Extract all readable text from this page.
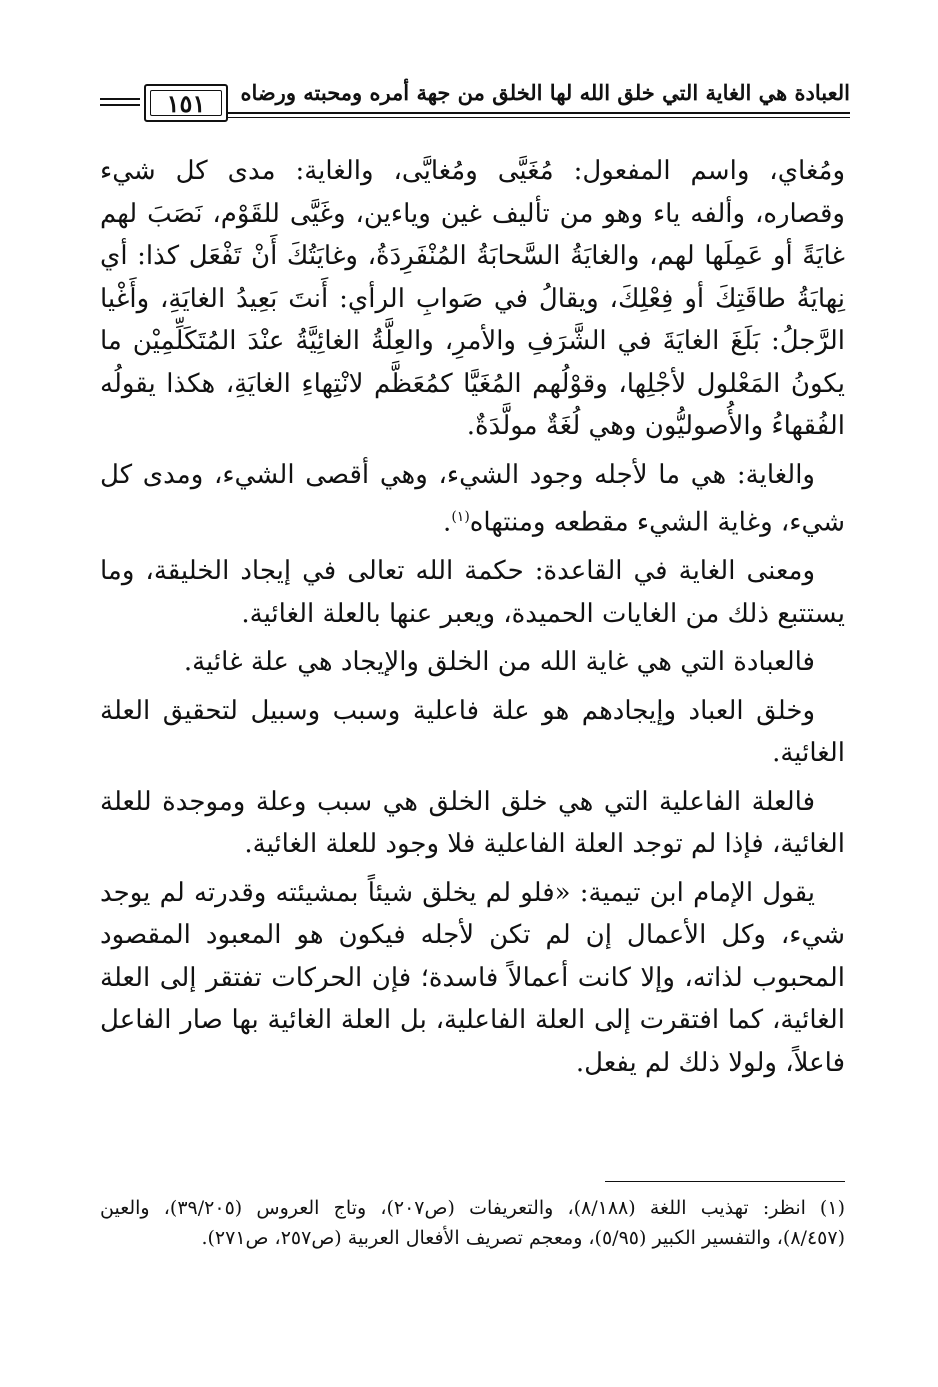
العبادة هي الغاية التي خلق الله لها الخلق من جهة أمره ومحبته ورضاه
١٥١

ومُغاي، واسم المفعول: مُغَيَّى ومُغايَّى، والغاية: مدى كل شيء وقصاره، وألفه ياء وهو من تأليف غين وياءين، وغَيَّى للقَوْم، نَصَبَ لهم غايَةً أو عَمِلَها لهم، والغايَةُ السَّحابَةُ المُنْفَرِدَةُ، وغايَتُكَ أَنْ تَفْعَل كذا: أي نِهايَةُ طاقَتِكَ أو فِعْلِكَ، ويقالُ في صَوابِ الرأي: أَنتَ بَعِيدُ الغايَةِ، وأَغْيا الرَّجلُ: بَلَغَ الغايَةَ في الشَّرَفِ والأمرِ، والعِلَّةُ الغائِيَّةُ عنْدَ المُتَكَلِّمِيْن ما يكونُ المَعْلول لأجْلِها، وقوْلُهم المُغَيَّا كمُعَظَّم لانْتِهاءِ الغايَةِ، هكذا يقولُه الفُقهاءُ والأُصوليُّون وهي لُغَةٌ مولَّدَةٌ.

والغاية: هي ما لأجله وجود الشيء، وهي أقصى الشيء، ومدى كل شيء، وغاية الشيء مقطعه ومنتهاه$^{(١)}$.

ومعنى الغاية في القاعدة: حكمة الله تعالى في إيجاد الخليقة، وما يستتبع ذلك من الغايات الحميدة، ويعبر عنها بالعلة الغائية.

فالعبادة التي هي غاية الله من الخلق والإيجاد هي علة غائية.

وخلق العباد وإيجادهم هو علة فاعلية وسبب وسبيل لتحقيق العلة الغائية.

فالعلة الفاعلية التي هي خلق الخلق هي سبب وعلة وموجدة للعلة الغائية، فإذا لم توجد العلة الفاعلية فلا وجود للعلة الغائية.

يقول الإمام ابن تيمية: «فلو لم يخلق شيئاً بمشيئته وقدرته لم يوجد شيء، وكل الأعمال إن لم تكن لأجله فيكون هو المعبود المقصود المحبوب لذاته، وإلا كانت أعمالاً فاسدة؛ فإن الحركات تفتقر إلى العلة الغائية، كما افتقرت إلى العلة الفاعلية، بل العلة الغائية بها صار الفاعل فاعلاً، ولولا ذلك لم يفعل.

(١)انظر: تهذيب اللغة (٨/١٨٨)، والتعريفات (ص٢٠٧)، وتاج العروس (٣٩/٢٠٥)، والعين (٨/٤٥٧)، والتفسير الكبير (٥/٩٥)، ومعجم تصريف الأفعال العربية (ص٢٥٧، ص٢٧١).
